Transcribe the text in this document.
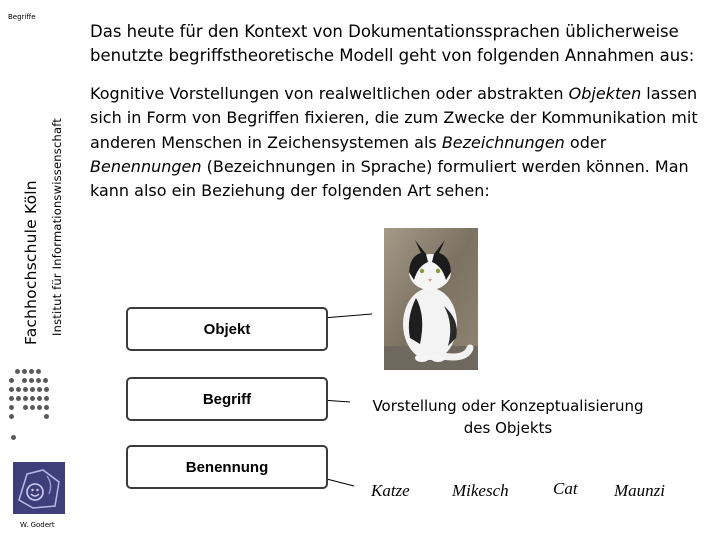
Begriffe
Fachhochschule Köln Institut für Informationswissenschaft
W. Godert
Das heute für den Kontext von Dokumentationssprachen üblicherweise benutzte begriffstheoretische Modell geht von folgenden Annahmen aus:
Kognitive Vorstellungen von realweltlichen oder abstrakten Objekten lassen sich in Form von Begriffen fixieren, die zum Zwecke der Kommunikation mit anderen Menschen in Zeichensystemen als Bezeichnungen oder Benennungen (Bezeichnungen in Sprache) formuliert werden können. Man kann also ein Beziehung der folgenden Art sehen:
Objekt
Begriff
Benennung
Vorstellung oder Konzeptualisierung des Objekts
Katze Mikesch	Cat Maunzi
